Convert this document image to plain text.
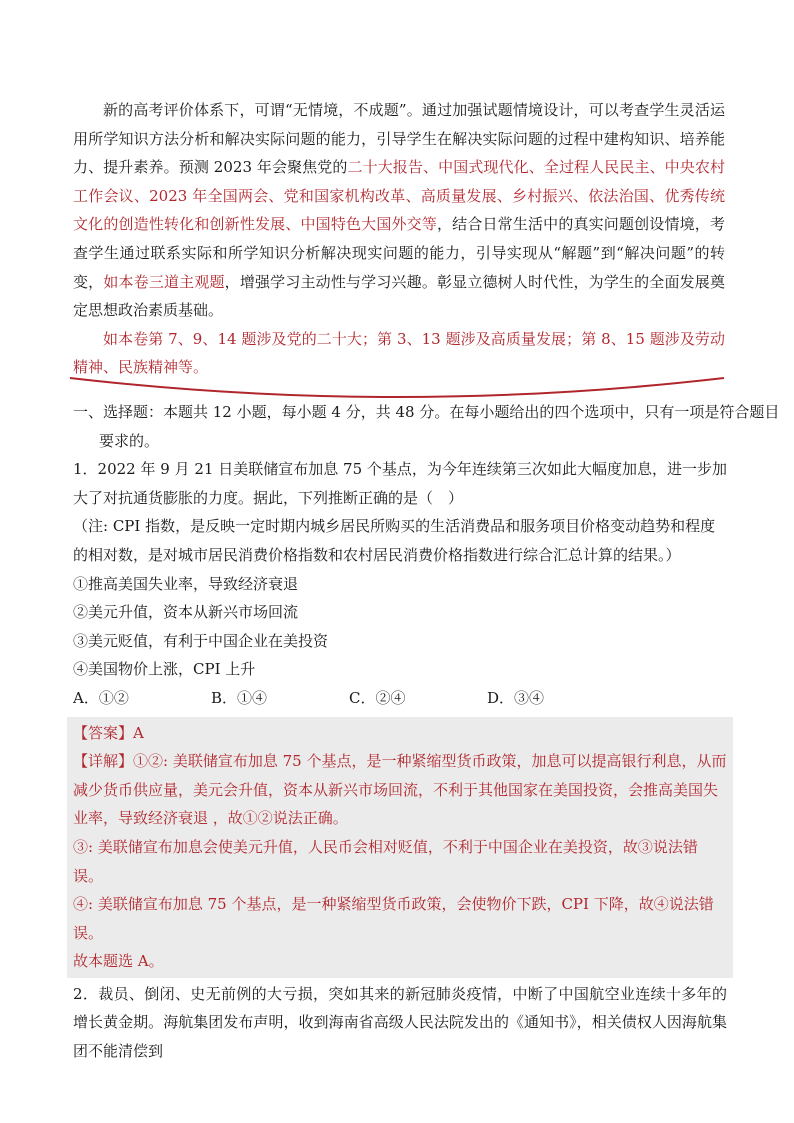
新的高考评价体系下，可谓“无情境，不成题”。通过加强试题情境设计，可以考查学生灵活运用所学知识方法分析和解决实际问题的能力，引导学生在解决实际问题的过程中建构知识、培养能力、提升素养。预测 2023 年会聚焦党的二十大报告、中国式现代化、全过程人民民主、中央农村工作会议、2023 年全国两会、党和国家机构改革、高质量发展、乡村振兴、依法治国、优秀传统文化的创造性转化和创新性发展、中国特色大国外交等，结合日常生活中的真实问题创设情境，考查学生通过联系实际和所学知识分析解决现实问题的能力，引导实现从“解题”到“解决问题”的转变，如本卷三道主观题，增强学习主动性与学习兴趣。彰显立德树人时代性，为学生的全面发展奠定思想政治素质基础。

如本卷第 7、9、14 题涉及党的二十大；第 3、13 题涉及高质量发展；第 8、15 题涉及劳动精神、民族精神等。

一、选择题：本题共 12 小题，每小题 4 分，共 48 分。在每小题给出的四个选项中，只有一项是符合题目

要求的。

1．2022 年 9 月 21 日美联储宣布加息 75 个基点，为今年连续第三次如此大幅度加息，进一步加大了对抗通货膨胀的力度。据此，下列推断正确的是（　）

（注: CPI 指数，是反映一定时期内城乡居民所购买的生活消费品和服务项目价格变动趋势和程度的相对数，是对城市居民消费价格指数和农村居民消费价格指数进行综合汇总计算的结果。）

①推高美国失业率，导致经济衰退

②美元升值，资本从新兴市场回流

③美元贬值，有利于中国企业在美投资

④美国物价上涨，CPI 上升

A．①②	B．①④	C．②④	D．③④

【答案】A

【详解】①②: 美联储宣布加息 75 个基点，是一种紧缩型货币政策，加息可以提高银行利息，从而减少货币供应量，美元会升值，资本从新兴市场回流，不利于其他国家在美国投资，会推高美国失业率，导致经济衰退 ，故①②说法正确。

③: 美联储宣布加息会使美元升值，人民币会相对贬值，不利于中国企业在美投资，故③说法错误。

④: 美联储宣布加息 75 个基点，是一种紧缩型货币政策，会使物价下跌，CPI 下降，故④说法错误。

故本题选 A。

2．裁员、倒闭、史无前例的大亏损，突如其来的新冠肺炎疫情，中断了中国航空业连续十多年的增长黄金期。海航集团发布声明，收到海南省高级人民法院发出的《通知书》，相关债权人因海航集团不能清偿到
